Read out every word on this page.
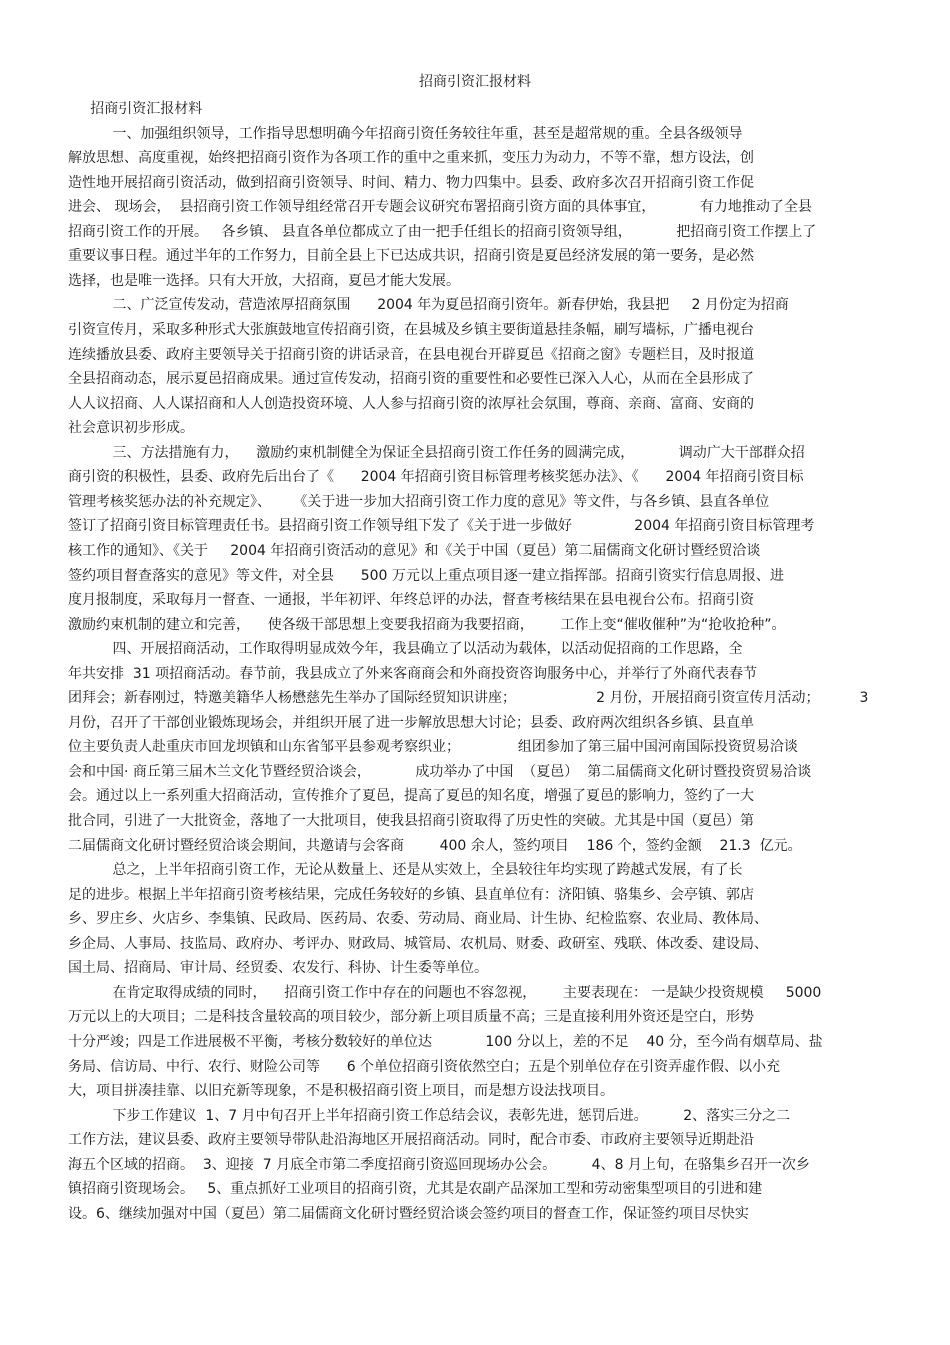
招商引资汇报材料
招商引资汇报材料
一、加强组织领导，工作指导思想明确今年招商引资任务较往年重，甚至是超常规的重。全县各级领导
解放思想、高度重视，始终把招商引资作为各项工作的重中之重来抓，变压力为动力，不等不靠，想方设法，创
造性地开展招商引资活动，做到招商引资领导、时间、精力、物力四集中。县委、政府多次召开招商引资工作促
进会、 现场会，  县招商引资工作领导组经常召开专题会议研究布署招商引资方面的具体事宜，          有力地推动了全县
招商引资工作的开展。   各乡镇、 县直各单位都成立了由一把手任组长的招商引资领导组，          把招商引资工作摆上了
重要议事日程。通过半年的工作努力，目前全县上下已达成共识，招商引资是夏邑经济发展的第一要务，是必然
选择，也是唯一选择。只有大开放，大招商，夏邑才能大发展。
二、广泛宣传发动，营造浓厚招商氛围      2004 年为夏邑招商引资年。新春伊始，我县把     2 月份定为招商
引资宣传月，采取多种形式大张旗鼓地宣传招商引资，在县城及乡镇主要街道悬挂条幅，刷写墙标，广播电视台
连续播放县委、政府主要领导关于招商引资的讲话录音，在县电视台开辟夏邑《招商之窗》专题栏目，及时报道
全县招商动态，展示夏邑招商成果。通过宣传发动，招商引资的重要性和必要性已深入人心，从而在全县形成了
人人议招商、人人谋招商和人人创造投资环境、人人参与招商引资的浓厚社会氛围，尊商、亲商、富商、安商的
社会意识初步形成。
三、方法措施有力，    激励约束机制健全为保证全县招商引资工作任务的圆满完成，          调动广大干部群众招
商引资的积极性，县委、政府先后出台了《      2004 年招商引资目标管理考核奖惩办法》、《      2004 年招商引资目标
管理考核奖惩办法的补充规定》、     《关于进一步加大招商引资工作力度的意见》等文件，与各乡镇、县直各单位
签订了招商引资目标管理责任书。县招商引资工作领导组下发了《关于进一步做好              2004 年招商引资目标管理考
核工作的通知》、《关于     2004 年招商引资活动的意见》和《关于中国（夏邑）第二届儒商文化研讨暨经贸洽谈
签约项目督查落实的意见》等文件，对全县      500 万元以上重点项目逐一建立指挥部。招商引资实行信息周报、进
度月报制度，采取每月一督查、一通报，半年初评、年终总评的办法，督查考核结果在县电视台公布。招商引资
激励约束机制的建立和完善，    使各级干部思想上变要我招商为我要招商，      工作上变“催收催种”为“抢收抢种”。
四、开展招商活动，工作取得明显成效今年，我县确立了以活动为载体，以活动促招商的工作思路，全
年共安排  31 项招商活动。春节前，我县成立了外来客商商会和外商投资咨询服务中心，并举行了外商代表春节
团拜会；新春刚过，特邀美籍华人杨懋慈先生举办了国际经贸知识讲座；                  2 月份，开展招商引资宣传月活动；         3
月份，召开了干部创业锻炼现场会，并组织开展了进一步解放思想大讨论；县委、政府两次组织各乡镇、县直单
位主要负责人赴重庆市回龙坝镇和山东省邹平县参观考察织业；             组团参加了第三届中国河南国际投资贸易洽谈
会和中国· 商丘第三届木兰文化节暨经贸洽谈会，          成功举办了中国  （夏邑）  第二届儒商文化研讨暨投资贸易洽谈
会。通过以上一系列重大招商活动，宣传推介了夏邑，提高了夏邑的知名度，增强了夏邑的影响力，签约了一大
批合同，引进了一大批资金，落地了一大批项目，使我县招商引资取得了历史性的突破。尤其是中国（夏邑）第
二届儒商文化研讨暨经贸洽谈会期间，共邀请与会客商        400 余人，签约项目    186 个，签约金额    21.3  亿元。
总之，上半年招商引资工作，无论从数量上、还是从实效上，全县较往年均实现了跨越式发展，有了长
足的进步。根据上半年招商引资考核结果，完成任务较好的乡镇、县直单位有：济阳镇、骆集乡、会亭镇、郭店
乡、罗庄乡、火店乡、李集镇、民政局、医药局、农委、劳动局、商业局、计生协、纪检监察、农业局、教体局、
乡企局、人事局、技监局、政府办、考评办、财政局、城管局、农机局、财委、政研室、残联、体改委、建设局、
国土局、招商局、审计局、经贸委、农发行、科协、计生委等单位。
在肯定取得成绩的同时，    招商引资工作中存在的问题也不容忽视，      主要表现在： 一是缺少投资规模     5000
万元以上的大项目；二是科技含量较高的项目较少，部分新上项目质量不高；三是直接利用外资还是空白，形势
十分严竣；四是工作进展极不平衡，考核分数较好的单位达            100 分以上，差的不足    40 分，至今尚有烟草局、盐
务局、信访局、中行、农行、财险公司等      6 个单位招商引资依然空白；五是个别单位存在引资弄虚作假、以小充
大，项目拼凑挂靠、以旧充新等现象，不是积极招商引资上项目，而是想方设法找项目。
下步工作建议  1、7 月中旬召开上半年招商引资工作总结会议，表彰先进，惩罚后进。        2、落实三分之二
工作方法，建议县委、政府主要领导带队赴沿海地区开展招商活动。同时，配合市委、市政府主要领导近期赴沿
海五个区域的招商。  3、迎接  7 月底全市第二季度招商引资巡回现场办公会。        4、8 月上旬，在骆集乡召开一次乡
镇招商引资现场会。   5、重点抓好工业项目的招商引资，尤其是农副产品深加工型和劳动密集型项目的引进和建
设。6、继续加强对中国（夏邑）第二届儒商文化研讨暨经贸洽谈会签约项目的督查工作，保证签约项目尽快实
